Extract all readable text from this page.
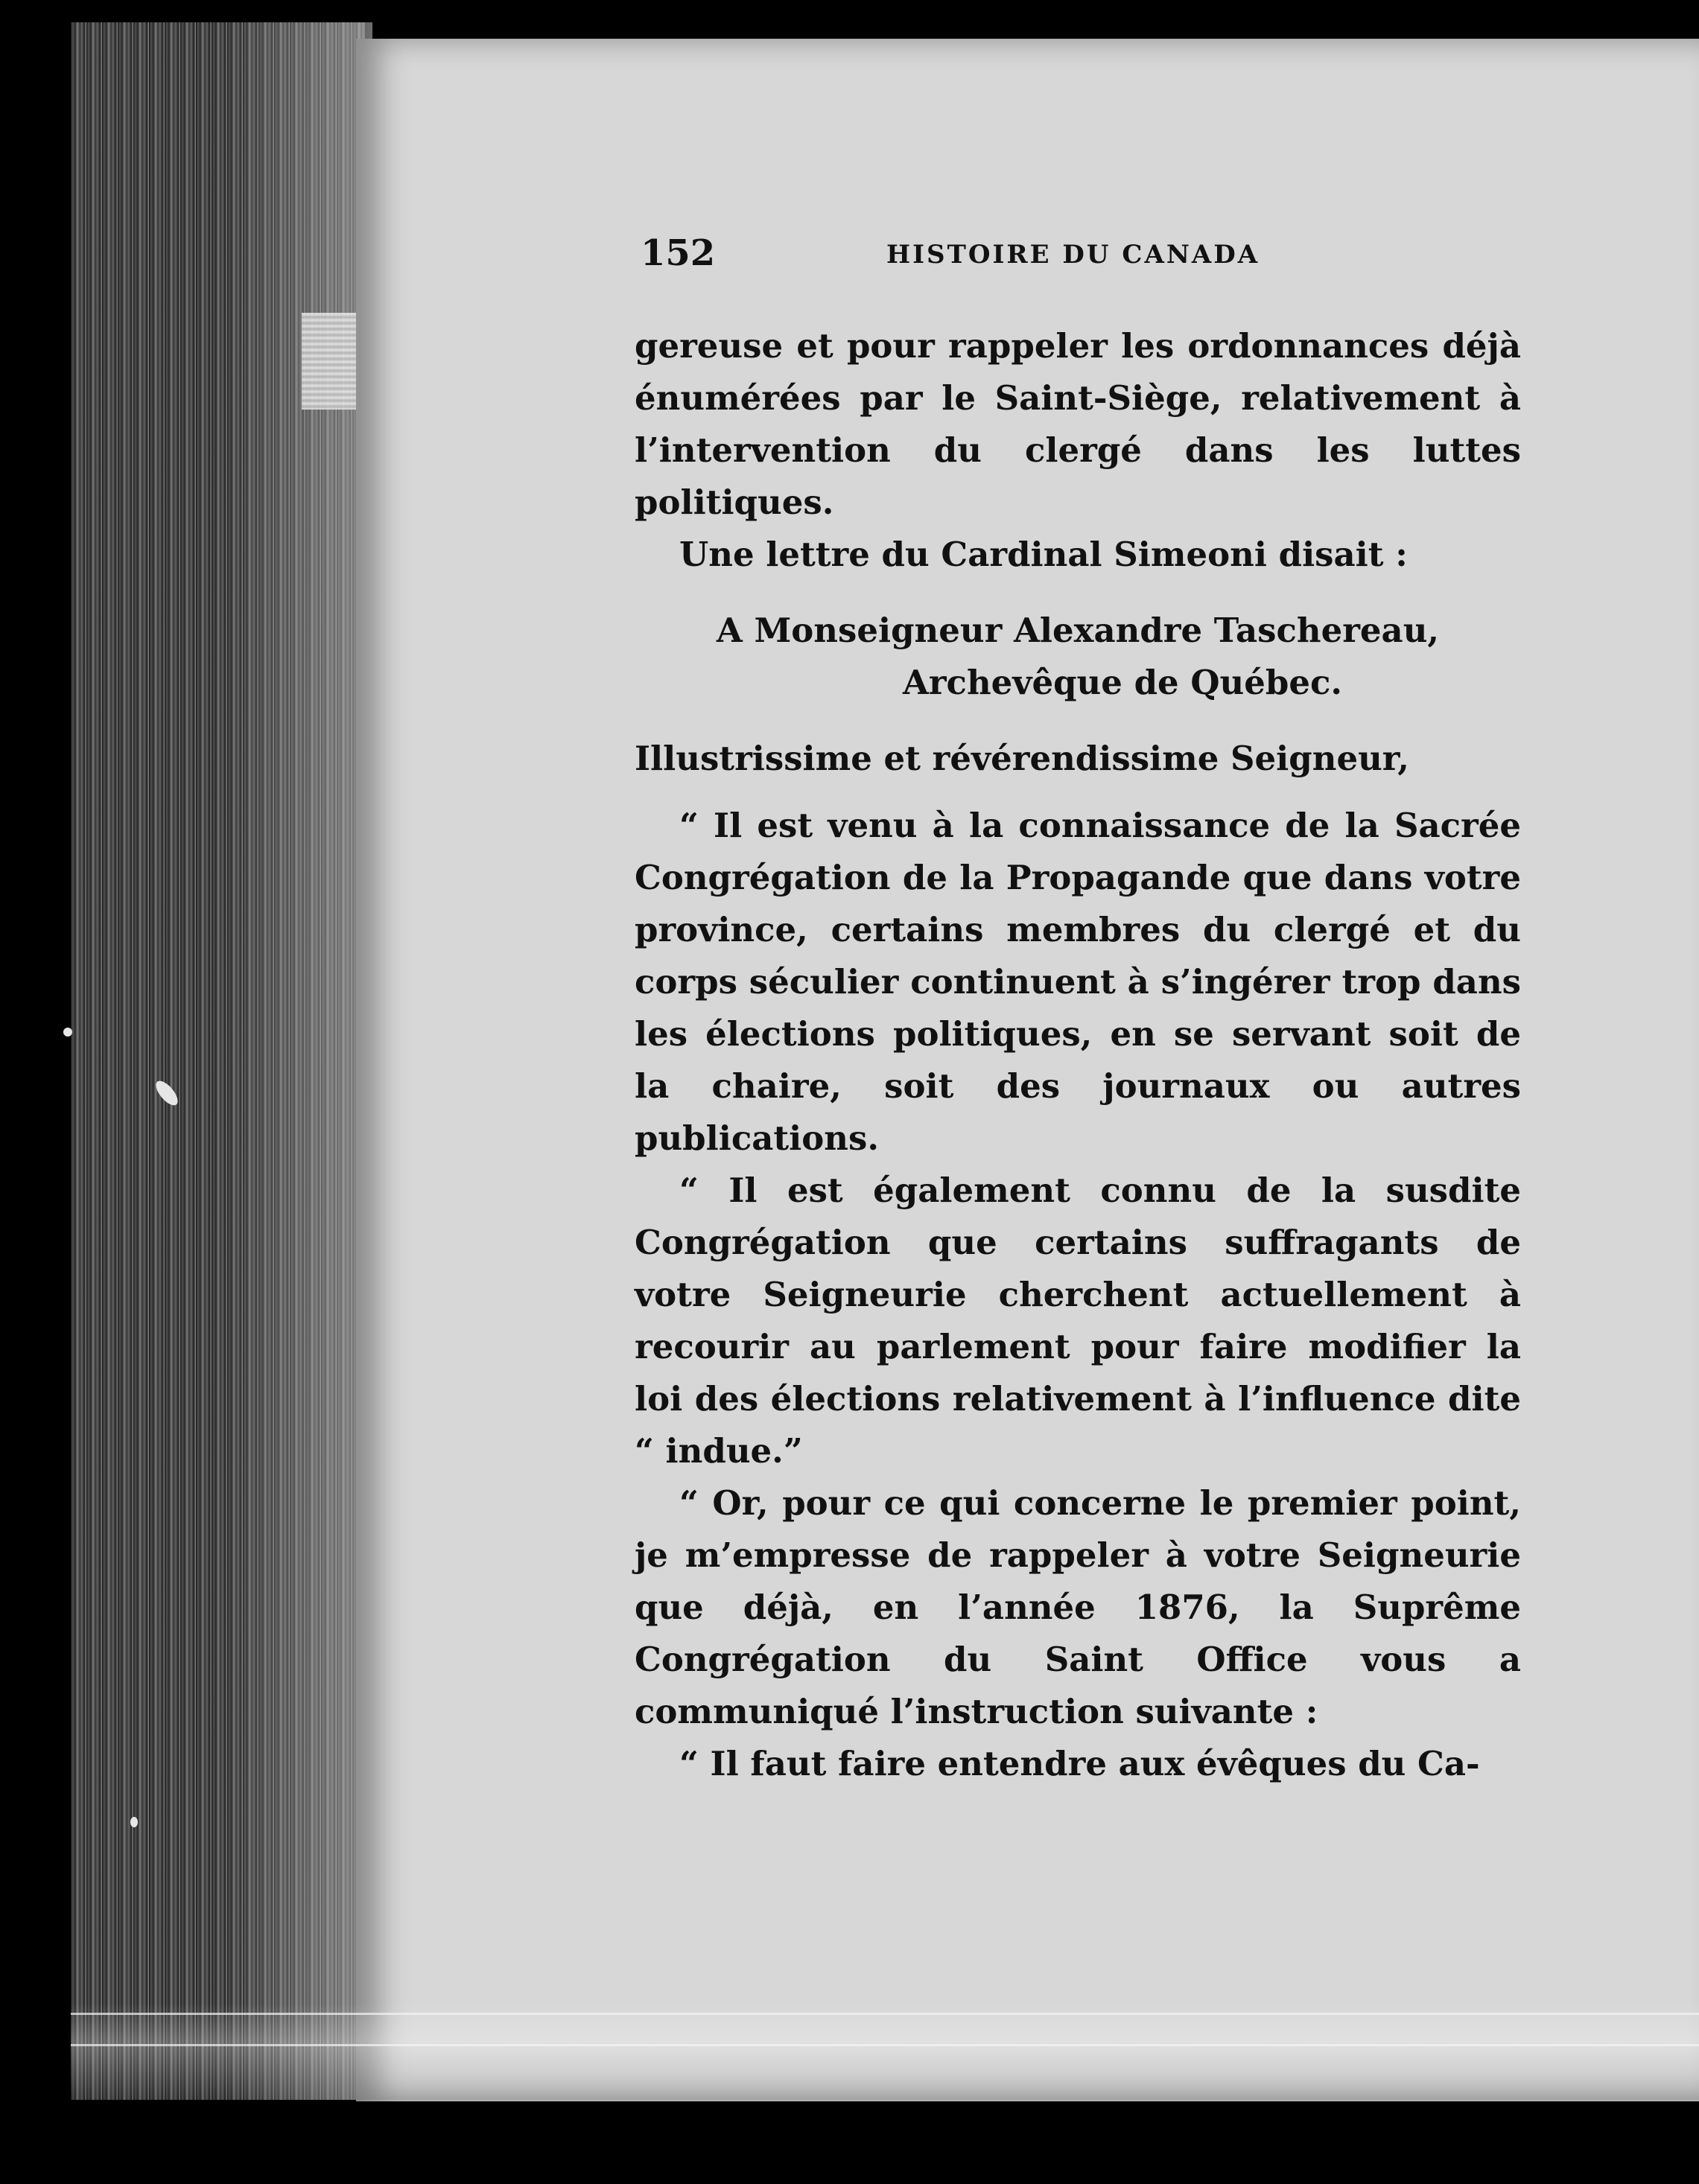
152	HISTOIRE DU CANADA

gereuse et pour rappeler les ordonnances déjà énumérées par le Saint-Siège, relativement à l’intervention du clergé dans les luttes politiques.

Une lettre du Cardinal Simeoni disait :

A Monseigneur Alexandre Taschereau,

Archevêque de Québec.

Illustrissime et révérendissime Seigneur,

“ Il est venu à la connaissance de la Sacrée Congrégation de la Propagande que dans votre province, certains membres du clergé et du corps séculier continuent à s’ingérer trop dans les élections politiques, en se servant soit de la chaire, soit des journaux ou autres publications.

“ Il est également connu de la susdite Congrégation que certains suffragants de votre Seigneurie cherchent actuellement à recourir au parlement pour faire modifier la loi des élections relativement à l’influence dite “ indue.”

“ Or, pour ce qui concerne le premier point, je m’empresse de rappeler à votre Seigneurie que déjà, en l’année 1876, la Suprême Congrégation du Saint Office vous a communiqué l’instruction suivante :

“ Il faut faire entendre aux évêques du Ca-
